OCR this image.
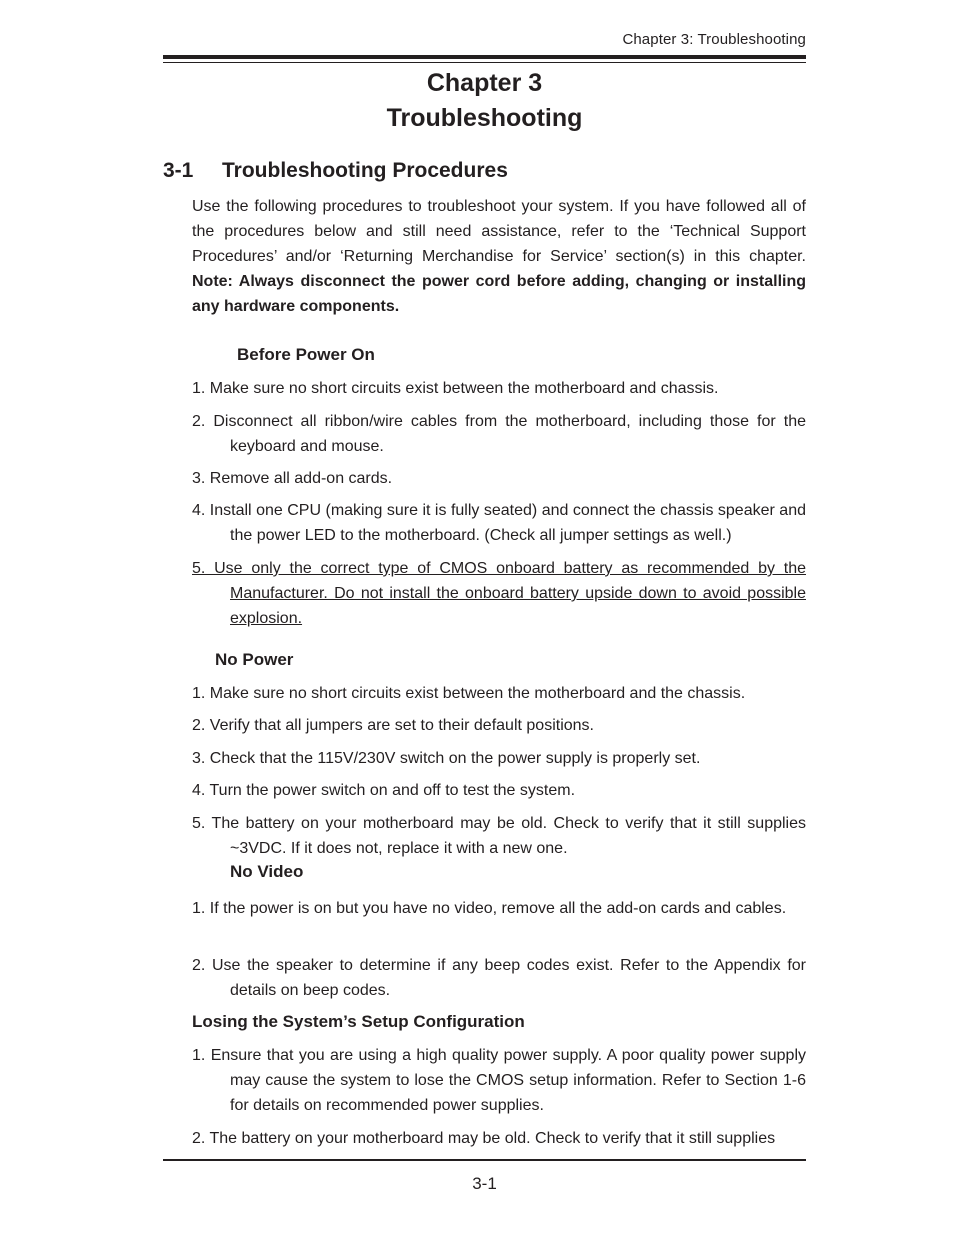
Chapter 3: Troubleshooting
Chapter 3
Troubleshooting
3-1 Troubleshooting Procedures
Use the following procedures to troubleshoot your system. If you have followed all of the procedures below and still need assistance, refer to the ‘Technical Support Procedures’ and/or ‘Returning Merchandise for Service’ section(s) in this chapter. Note: Always disconnect the power cord before adding, changing or installing any hardware components.
Before Power On
1. Make sure no short circuits exist between the motherboard and chassis.
2. Disconnect all ribbon/wire cables from the motherboard, including those for the keyboard and mouse.
3. Remove all add-on cards.
4. Install one CPU (making sure it is fully seated) and connect the chassis speaker and the power LED to the motherboard. (Check all jumper settings as well.)
5. Use only the correct type of CMOS onboard battery as recommended by the Manufacturer. Do not install the onboard battery upside down to avoid possible explosion.
No Power
1. Make sure no short circuits exist between the motherboard and the chassis.
2. Verify that all jumpers are set to their default positions.
3. Check that the 115V/230V switch on the power supply is properly set.
4. Turn the power switch on and off to test the system.
5. The battery on your motherboard may be old. Check to verify that it still supplies ~3VDC. If it does not, replace it with a new one.
No Video
1. If the power is on but you have no video, remove all the add-on cards and cables.
2. Use the speaker to determine if any beep codes exist. Refer to the Appendix for details on beep codes.
Losing the System’s Setup Configuration
1. Ensure that you are using a high quality power supply. A poor quality power supply may cause the system to lose the CMOS setup information. Refer to Section 1-6 for details on recommended power supplies.
2. The battery on your motherboard may be old. Check to verify that it still supplies
3-1
